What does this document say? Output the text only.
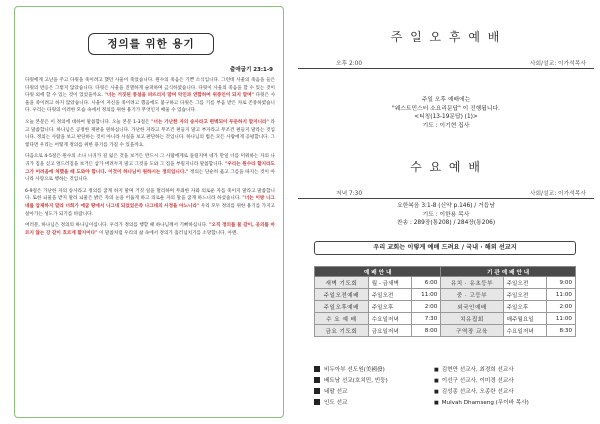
정의를 위한 용기
출애굽기 23:1-9

다윗에게 고난을 주고 다윗을 죽이려고 했던 사울이 죽었습니다. 원수의 죽음은 기쁜 소식입니다. 그런데 사울의 죽음을 들은 다윗의 반응은 그렇지 않았습니다. 다윗은 사울을 진멸하게 슬퍼하며 금식하였습니다. 다윗이 사울의 죽음을 할 수 있는 것이 다윗 외에 할 수 있는 것이 있었을까요. "너는 거짓된 풍설을 퍼뜨리지 말며 악인과 연합하여 위증인이 되지 말며" 다윗은 사울을 죽이려고 하지 않았습니다. 사울이 자신을 죽이려고 했음에도 불구하고 다윗은 그를 기름 부음 받은 자로 존중하였습니다. 우리는 다윗의 이러한 모습 속에서 정의를 위한 용기가 무엇인지 배울 수 있습니다.

오늘 본문은 이 정의에 대하여 말씀합니다. 오늘 본문 1-3절은 "너는 가난한 자의 송사라고 편벽되이 두둔하지 말지니라" 라고 말씀합니다. 하나님은 공정한 재판을 원하십니다. 가난한 자라고 무조건 편들지 말고 부자라고 무조건 편들지 말라는 것입니다. 정의는 사람을 보고 판단하는 것이 아니라 사실을 보고 판단하는 것입니다. 하나님의 법은 모든 사람에게 공평합니다. 그렇다면 우리는 어떻게 정의를 위한 용기를 가질 수 있을까요.

다음으로 4-5절은 원수의 소나 나귀가 길 잃은 것을 보거든 반드시 그 사람에게로 돌릴지며 네가 만일 너를 미워하는 자의 나귀가 짐을 싣고 엎드러짐을 보거든 삼가 버려두지 말고 그것을 도와 그 짐을 부릴지니라 말씀합니다. "우리는 원수라 할지라도 그가 어려움에 처했을 때 도와야 합니다. 이것이 하나님이 원하시는 정의입니다." 정의는 단순히 옳고 그름을 따지는 것이 아니라 사랑으로 행하는 것입니다.

6-9절은 가난한 자의 송사라고 정의를 굽게 하지 말며 거짓 일을 멀리하며 무죄한 자와 의로운 자를 죽이지 말라고 말씀합니다. 또한 뇌물을 받지 말라 뇌물은 밝은 자의 눈을 어둡게 하고 의로운 자의 말을 굽게 하느니라 하셨습니다. "너는 이방 나그네를 압제하지 말라 너희가 애굽 땅에서 나그네 되었었은즉 나그네의 사정을 아느니라" 우리 모두 정의를 위한 용기를 가지고 살아가는 성도가 되기를 바랍니다.

여러분, 하나님은 정의의 하나님이십니다. 우리가 정의를 행할 때 하나님께서 기뻐하십니다. "오직 정의를 물 같이, 공의를 마르지 않는 강 같이 흐르게 할지어다" 이 말씀처럼 우리의 삶 속에서 정의가 흘러넘치기를 소망합니다. 아멘.

주 일 오 후 예 배
오후 2:00	사회/설교: 이가석목사
주일 오후 예배에는
"웨스트민스터 소요리문답" 이 진행됩니다.
<티칭(13-19문답) (1)>
기도 : 이기현 집사
수 요 예 배
저녁 7:30	사회/설교: 이가석목사
요한복음 3:1-8 (신약 p.146) / 거듭남
기도 : 이한용 목사
찬송 : 289장(통208) / 284장(통206)
우리 교회는 이렇게 예배 드려요 / 국내 · 해외 선교지
예 배 안 내			기 관 예 배 안 내		
새벽 기도회	월 - 금새벽	6:00	유치 · 유초등부	주일오전	9:00
주일오전예배	주일오전	11:00	중 · 고등부	주일오전	11:00
주일오후예배	주일오후	2:00	외국인예배	주일오후	2:00
수 요 예 배	수요일저녁	7:30	치유집회	매주월요일	11:00
금요 기도회	금요일저녁	8:00	구역장 교육	수요일저녁	8:30
비두아부 선도원(美國發)	■ 김현만 선교사, 최경희 선교사
베트남 선교(호치민, 빈둥)	■ 이선구 선교사, 이미경 선교사
네팔 선교	■ 김성종 선교사, 오종란 선교사
인도 선교	■ Mulvah Dhamseng (무이바 목사)
